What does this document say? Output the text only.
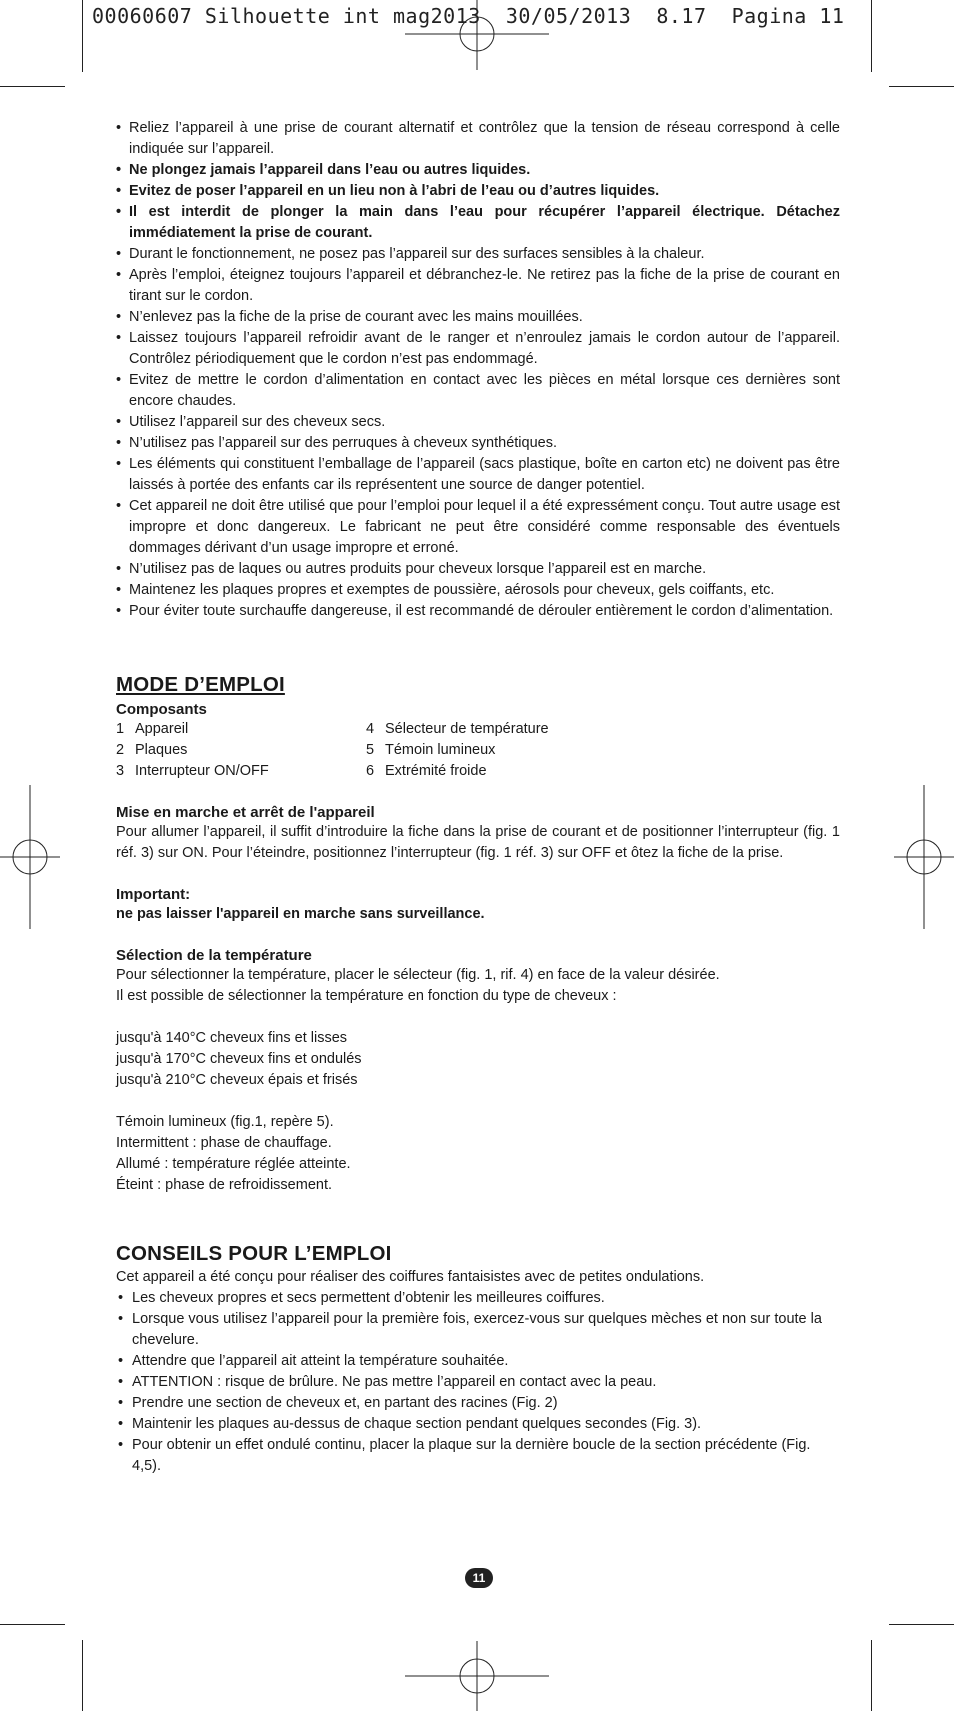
00060607 Silhouette int mag2013  30/05/2013  8.17  Pagina 11
• Reliez l’appareil à une prise de courant alternatif et contrôlez que la tension de réseau correspond à celle indiquée sur l’appareil.
• Ne plongez jamais l’appareil dans l’eau ou autres liquides.
• Evitez de poser l’appareil en un lieu non à l’abri de l’eau ou d’autres liquides.
• Il est interdit de plonger la main dans l’eau pour récupérer l’appareil électrique. Détachez immédiatement la prise de courant.
• Durant le fonctionnement, ne posez pas l’appareil sur des surfaces sensibles à la chaleur.
• Après l’emploi, éteignez toujours l’appareil et débranchez-le. Ne retirez pas la fiche de la prise de courant en tirant sur le cordon.
• N’enlevez pas la fiche de la prise de courant avec les mains mouillées.
• Laissez toujours l’appareil refroidir avant de le ranger et n’enroulez jamais le cordon autour de l’appareil. Contrôlez périodiquement que le cordon n’est pas endommagé.
• Evitez de mettre le cordon d’alimentation en contact avec les pièces en métal lorsque ces dernières sont encore chaudes.
• Utilisez l’appareil sur des cheveux secs.
• N’utilisez pas l’appareil sur des perruques à cheveux synthétiques.
• Les éléments qui constituent l’emballage de l’appareil (sacs plastique, boîte en carton etc) ne doivent pas être laissés à portée des enfants car ils représentent une source de danger potentiel.
• Cet appareil ne doit être utilisé que pour l’emploi pour lequel il a été expressément conçu. Tout autre usage est impropre et donc dangereux. Le fabricant ne peut être considéré comme responsable des éventuels dommages dérivant d’un usage impropre et erroné.
• N’utilisez pas de laques ou autres produits pour cheveux lorsque l’appareil est en marche.
• Maintenez les plaques propres et exemptes de poussière, aérosols pour cheveux, gels coiffants, etc.
• Pour éviter toute surchauffe dangereuse, il est recommandé de dérouler entièrement le cordon d’alimentation.
MODE D’EMPLOI
Composants
1 Appareil	4 Sélecteur de température
2 Plaques	5 Témoin lumineux
3 Interrupteur ON/OFF	6 Extrémité froide
Mise en marche et arrêt de l'appareil

Pour allumer l’appareil, il suffit d’introduire la fiche dans la prise de courant et de positionner l’interrupteur (fig. 1 réf. 3) sur ON. Pour l’éteindre, positionnez l’interrupteur (fig. 1 réf. 3) sur OFF et ôtez la fiche de la prise.

Important:

ne pas laisser l'appareil en marche sans surveillance.

Sélection de la température

Pour sélectionner la température, placer le sélecteur (fig. 1, rif. 4) en face de la valeur désirée.

Il est possible de sélectionner la température en fonction du type de cheveux :

jusqu'à 140°C cheveux fins et lisses

jusqu'à 170°C cheveux fins et ondulés

jusqu'à 210°C cheveux épais et frisés

Témoin lumineux (fig.1, repère 5).

Intermittent : phase de chauffage.

Allumé : température réglée atteinte.

Éteint : phase de refroidissement.

CONSEILS POUR L’EMPLOI

Cet appareil a été conçu pour réaliser des coiffures fantaisistes avec de petites ondulations.

• Les cheveux propres et secs permettent d’obtenir les meilleures coiffures.
• Lorsque vous utilisez l’appareil pour la première fois, exercez-vous sur quelques mèches et non sur toute la chevelure.
• Attendre que l’appareil ait atteint la température souhaitée.
• ATTENTION : risque de brûlure. Ne pas mettre l’appareil en contact avec la peau.
• Prendre une section de cheveux et, en partant des racines (Fig. 2)
• Maintenir les plaques au-dessus de chaque section pendant quelques secondes (Fig. 3).
• Pour obtenir un effet ondulé continu, placer la plaque sur la dernière boucle de la section précédente (Fig. 4,5).
11
